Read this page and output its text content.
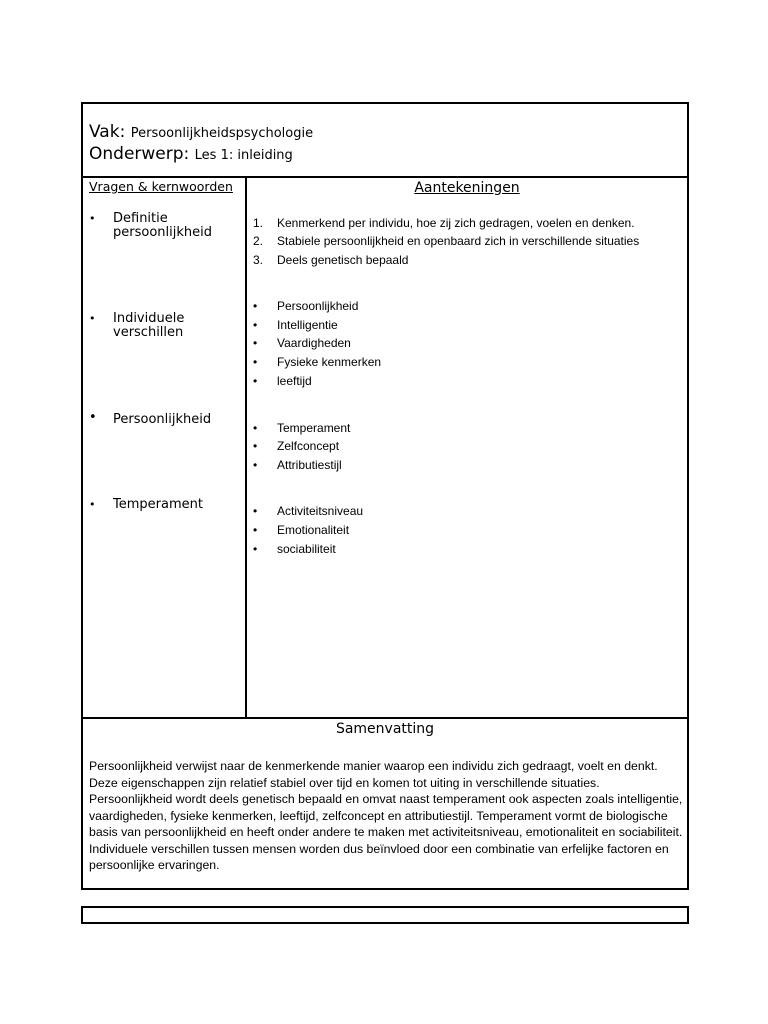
Vak: Persoonlijkheidspsychologie
Onderwerp: Les 1: inleiding
Vragen & kernwoorden
• Definitie persoonlijkheid
• Individuele verschillen
• Persoonlijkheid
• Temperament
Aantekeningen
1. Kenmerkend per individu, hoe zij zich gedragen, voelen en denken.
2. Stabiele persoonlijkheid en openbaard zich in verschillende situaties
3. Deels genetisch bepaald
• Persoonlijkheid
• Intelligentie
• Vaardigheden
• Fysieke kenmerken
• leeftijd
• Temperament
• Zelfconcept
• Attributiestijl
• Activiteitsniveau
• Emotionaliteit
• sociabiliteit
Samenvatting
Persoonlijkheid verwijst naar de kenmerkende manier waarop een individu zich gedraagt, voelt en denkt. Deze eigenschappen zijn relatief stabiel over tijd en komen tot uiting in verschillende situaties. Persoonlijkheid wordt deels genetisch bepaald en omvat naast temperament ook aspecten zoals intelligentie, vaardigheden, fysieke kenmerken, leeftijd, zelfconcept en attributiestijl. Temperament vormt de biologische basis van persoonlijkheid en heeft onder andere te maken met activiteitsniveau, emotionaliteit en sociabiliteit. Individuele verschillen tussen mensen worden dus beïnvloed door een combinatie van erfelijke factoren en persoonlijke ervaringen.
